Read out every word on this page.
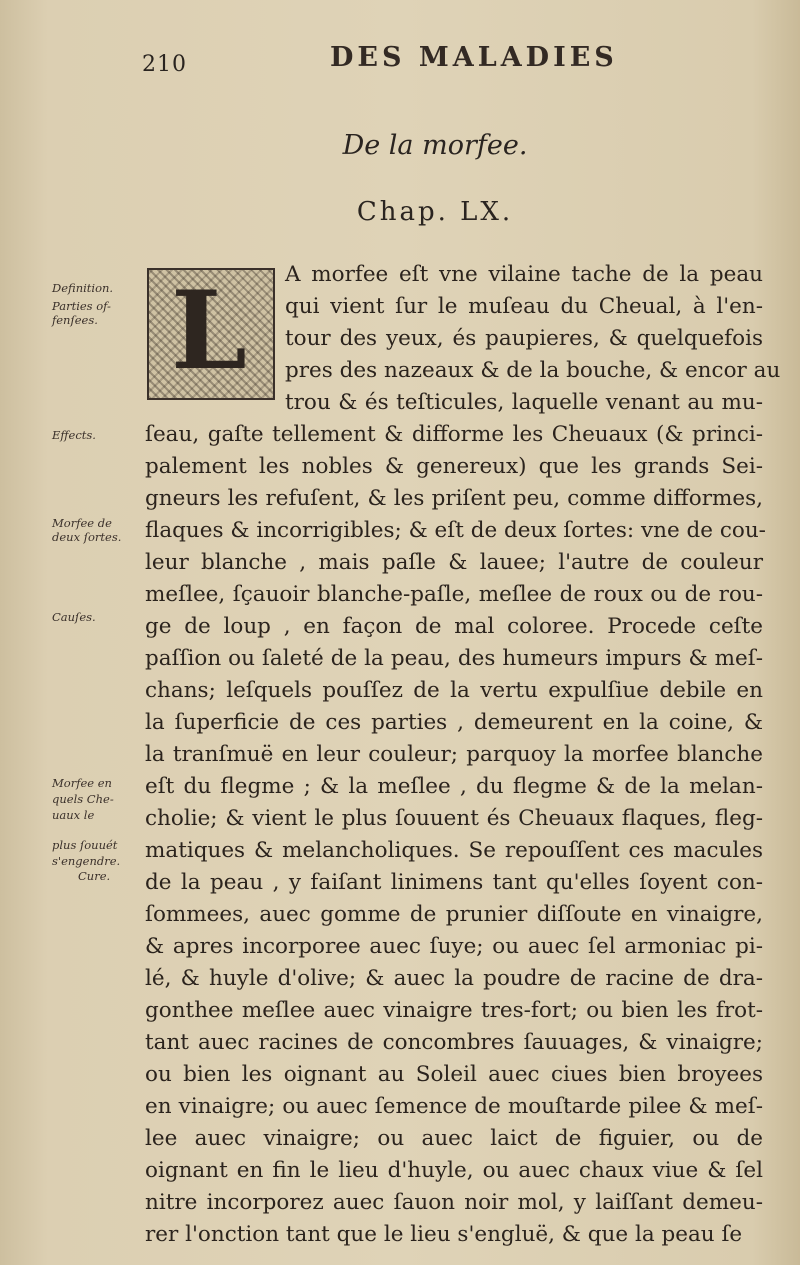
210	DES MALADIES
De la morfee.
Chap. LX.
L A morfee eſt vne vilaine tache de la peau
qui vient ſur le muſeau du Cheual, à l'en-
tour des yeux, és paupieres, & quelquefois
pres des nazeaux & de la bouche, & encor au
trou & és teſticules, laquelle venant au mu-
ſeau, gaſte tellement & difforme les Cheuaux (& princi-
palement les nobles & genereux) que les grands Sei-
gneurs les refuſent, & les priſent peu, comme difformes,
flaques & incorrigibles; & eſt de deux ſortes: vne de cou-
leur blanche , mais paſle & lauee; l'autre de couleur
meſlee, ſçauoir blanche-paſle, meſlee de roux ou de rou-
ge de loup , en façon de mal coloree. Procede ceſte
paſſion ou ſaleté de la peau, des humeurs impurs & meſ-
chans; leſquels pouſſez de la vertu expulſiue debile en
la ſuperficie de ces parties , demeurent en la coine, &
la tranſmuë en leur couleur; parquoy la morfee blanche
eſt du flegme ; & la meſlee , du flegme & de la melan-
cholie; & vient le plus ſouuent és Cheuaux flaques, fleg-
matiques & melancholiques. Se repouſſent ces macules
de la peau , y faiſant linimens tant qu'elles ſoyent con-
ſommees, auec gomme de prunier diſſoute en vinaigre,
& apres incorporee auec ſuye; ou auec ſel armoniac pi-
lé, & huyle d'olive; & auec la poudre de racine de dra-
gonthee meſlee auec vinaigre tres-fort; ou bien les frot-
tant auec racines de concombres ſauuages, & vinaigre;
ou bien les oignant au Soleil auec ciues bien broyees
en vinaigre; ou auec ſemence de mouſtarde pilee & meſ-
lee auec vinaigre; ou auec laict de figuier, ou de
oignant en fin le lieu d'huyle, ou auec chaux viue & ſel
nitre incorporez auec ſauon noir mol, y laiſſant demeu-
rer l'onction tant que le lieu s'engluë, & que la peau ſe
Definition.
Parties of-
fenſees.
Effects.
Morfee de
deux ſortes.
Cauſes.
Morfee en
quels Che-
uaux le
plus ſouuét
s'engendre.
Cure.
